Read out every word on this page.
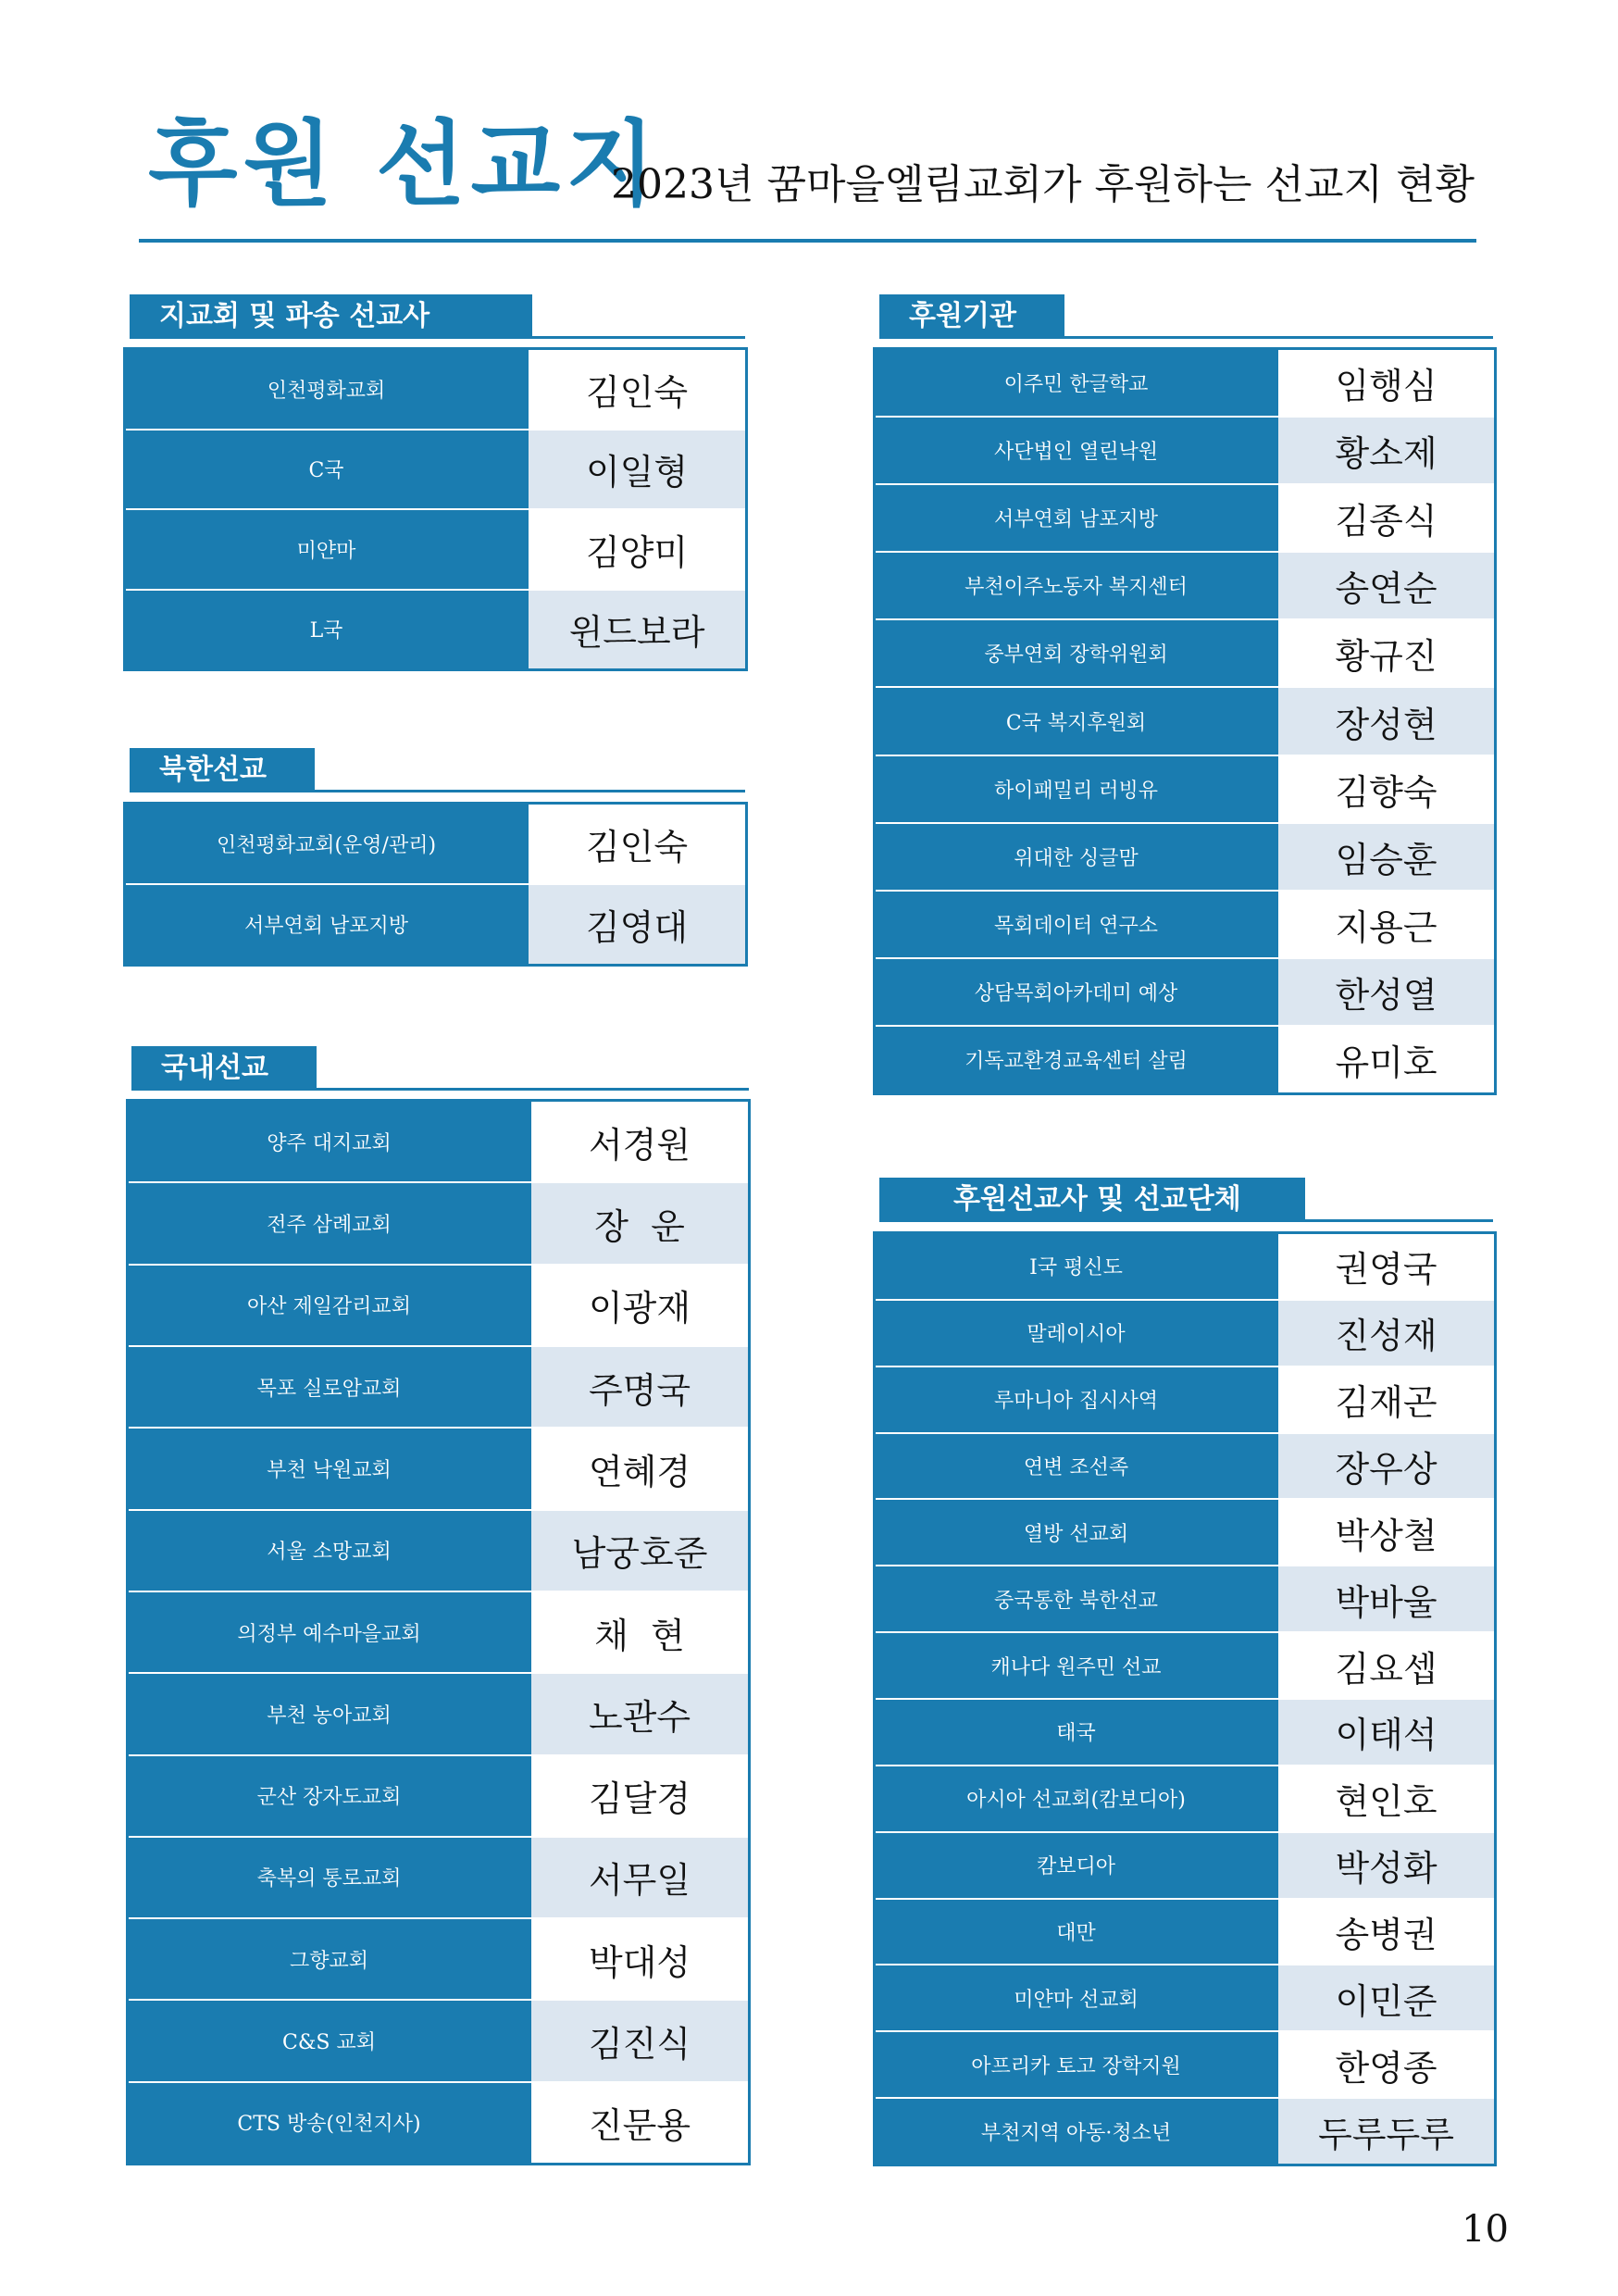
후원 선교지
2023년 꿈마을엘림교회가 후원하는 선교지 현황
지교회 및 파송 선교사
인천평화교회	김인숙
C국	이일형
미얀마	김양미
L국	윈드보라
북한선교
인천평화교회(운영/관리)	김인숙
서부연회 남포지방	김영대
국내선교
양주 대지교회	서경원
전주 삼례교회	장  운
아산 제일감리교회	이광재
목포 실로암교회	주명국
부천 낙원교회	연혜경
서울 소망교회	남궁호준
의정부 예수마을교회	채  현
부천 농아교회	노관수
군산 장자도교회	김달경
축복의 통로교회	서무일
그향교회	박대성
C&S 교회	김진식
CTS 방송(인천지사)	진문용
후원기관
이주민 한글학교	임행심
사단법인 열린낙원	황소제
서부연회 남포지방	김종식
부천이주노동자 복지센터	송연순
중부연회 장학위원회	황규진
C국 복지후원회	장성현
하이패밀리 러빙유	김향숙
위대한 싱글맘	임승훈
목회데이터 연구소	지용근
상담목회아카데미 예상	한성열
기독교환경교육센터 살림	유미호
후원선교사 및 선교단체
I국 평신도	권영국
말레이시아	진성재
루마니아 집시사역	김재곤
연변 조선족	장우상
열방 선교회	박상철
중국통한 북한선교	박바울
캐나다 원주민 선교	김요셉
태국	이태석
아시아 선교회(캄보디아)	현인호
캄보디아	박성화
대만	송병권
미얀마 선교회	이민준
아프리카 토고 장학지원	한영종
부천지역 아동·청소년	두루두루
10
